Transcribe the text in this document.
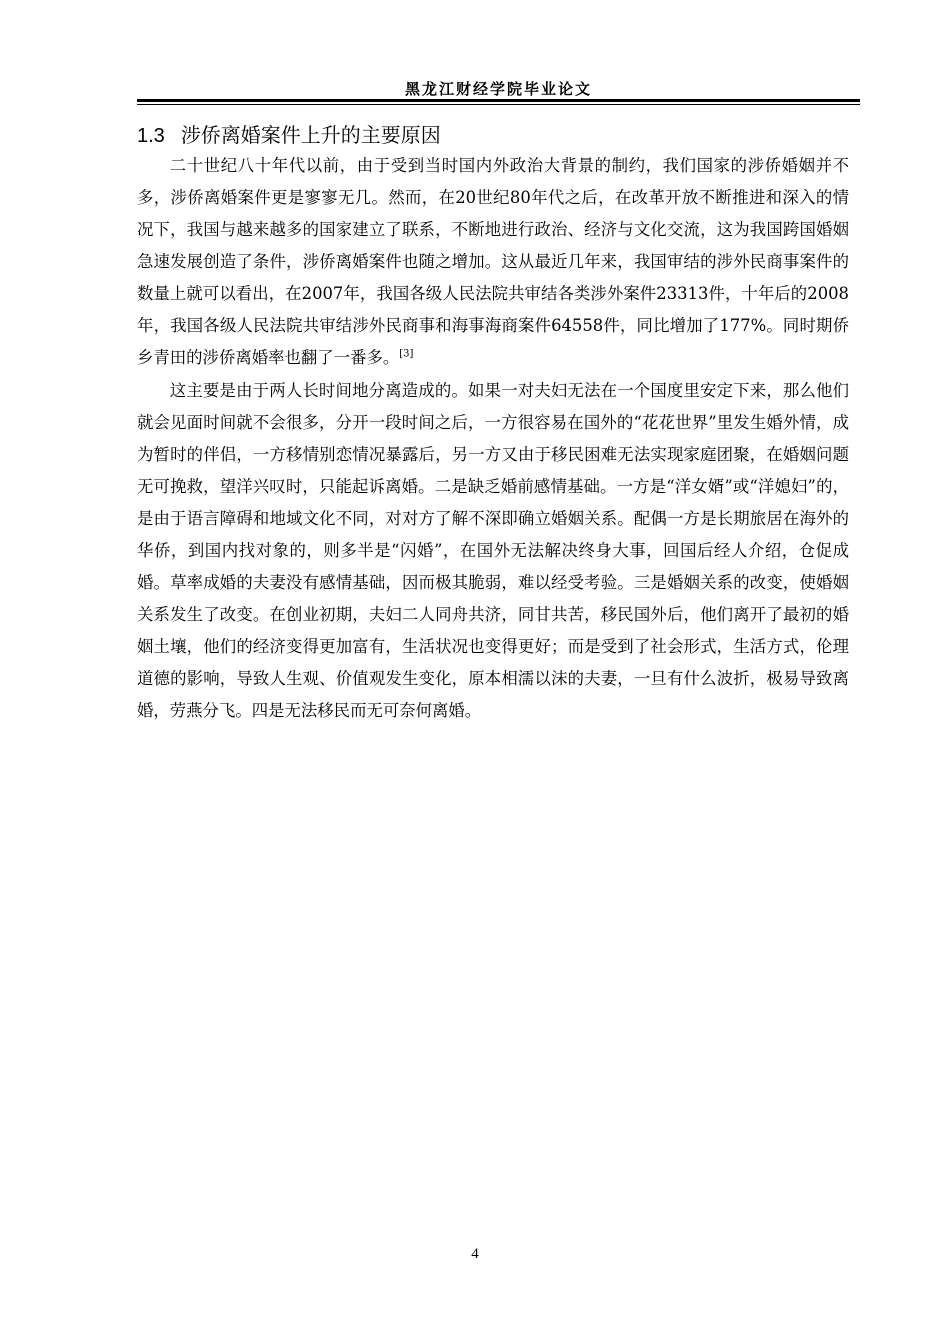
黑龙江财经学院毕业论文
1.3 涉侨离婚案件上升的主要原因

二十世纪八十年代以前，由于受到当时国内外政治大背景的制约，我们国家的涉侨婚姻并不多，涉侨离婚案件更是寥寥无几。然而，在20世纪80年代之后，在改革开放不断推进和深入的情况下，我国与越来越多的国家建立了联系，不断地进行政治、经济与文化交流，这为我国跨国婚姻急速发展创造了条件，涉侨离婚案件也随之增加。这从最近几年来，我国审结的涉外民商事案件的数量上就可以看出，在2007年，我国各级人民法院共审结各类涉外案件23313件，十年后的2008年，我国各级人民法院共审结涉外民商事和海事海商案件64558件，同比增加了177%。同时期侨乡青田的涉侨离婚率也翻了一番多。[3]

这主要是由于两人长时间地分离造成的。如果一对夫妇无法在一个国度里安定下来，那么他们就会见面时间就不会很多，分开一段时间之后，一方很容易在国外的“花花世界”里发生婚外情，成为暂时的伴侣，一方移情别恋情况暴露后，另一方又由于移民困难无法实现家庭团聚，在婚姻问题无可挽救，望洋兴叹时，只能起诉离婚。二是缺乏婚前感情基础。一方是“洋女婿”或“洋媳妇”的，是由于语言障碍和地域文化不同，对对方了解不深即确立婚姻关系。配偶一方是长期旅居在海外的华侨，到国内找对象的，则多半是“闪婚”，在国外无法解决终身大事，回国后经人介绍，仓促成婚。草率成婚的夫妻没有感情基础，因而极其脆弱，难以经受考验。三是婚姻关系的改变，使婚姻关系发生了改变。在创业初期，夫妇二人同舟共济，同甘共苦，移民国外后，他们离开了最初的婚姻土壤，他们的经济变得更加富有，生活状况也变得更好；而是受到了社会形式，生活方式，伦理道德的影响，导致人生观、价值观发生变化，原本相濡以沫的夫妻，一旦有什么波折，极易导致离婚，劳燕分飞。四是无法移民而无可奈何离婚。

4
